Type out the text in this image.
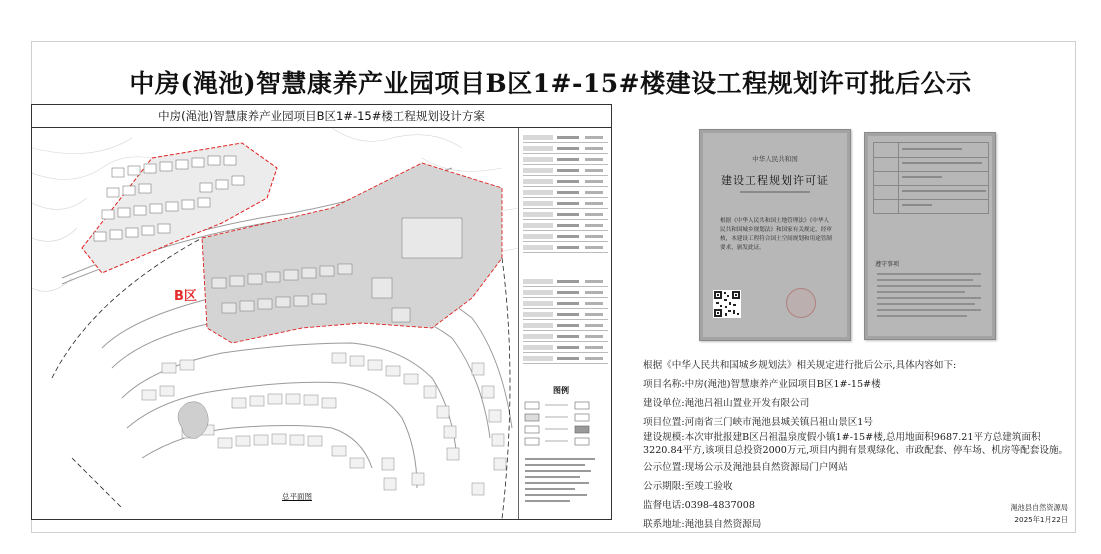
中房(渑池)智慧康养产业园项目B区1#-15#楼建设工程规划许可批后公示
中房(渑池)智慧康养产业园项目B区1#-15#楼工程规划设计方案
B区
总平面图
图例
中华人民共和国
建设工程规划许可证
根据《中华人民共和国土地管理法》《中华人民共和国城乡规划法》和国家有关规定，经审核，本建设工程符合国土空间规划和用途管制要求，颁发此证。
遵守事项
根据《中华人民共和国城乡规划法》相关规定进行批后公示,具体内容如下:
项目名称:中房(渑池)智慧康养产业园项目B区1#-15#楼
建设单位:渑池吕祖山置业开发有限公司
项目位置:河南省三门峡市渑池县城关镇吕祖山景区1号
建设规模:本次审批报建B区吕祖温泉度假小镇1#-15#楼,总用地面积9687.21平方总建筑面积3220.84平方,该项目总投资2000万元,项目内拥有景观绿化、市政配套、停车场、机房等配套设施。
公示位置:现场公示及渑池县自然资源局门户网站
公示期限:至竣工验收
监督电话:0398-4837008
联系地址:渑池县自然资源局
渑池县自然资源局
2025年1月22日
